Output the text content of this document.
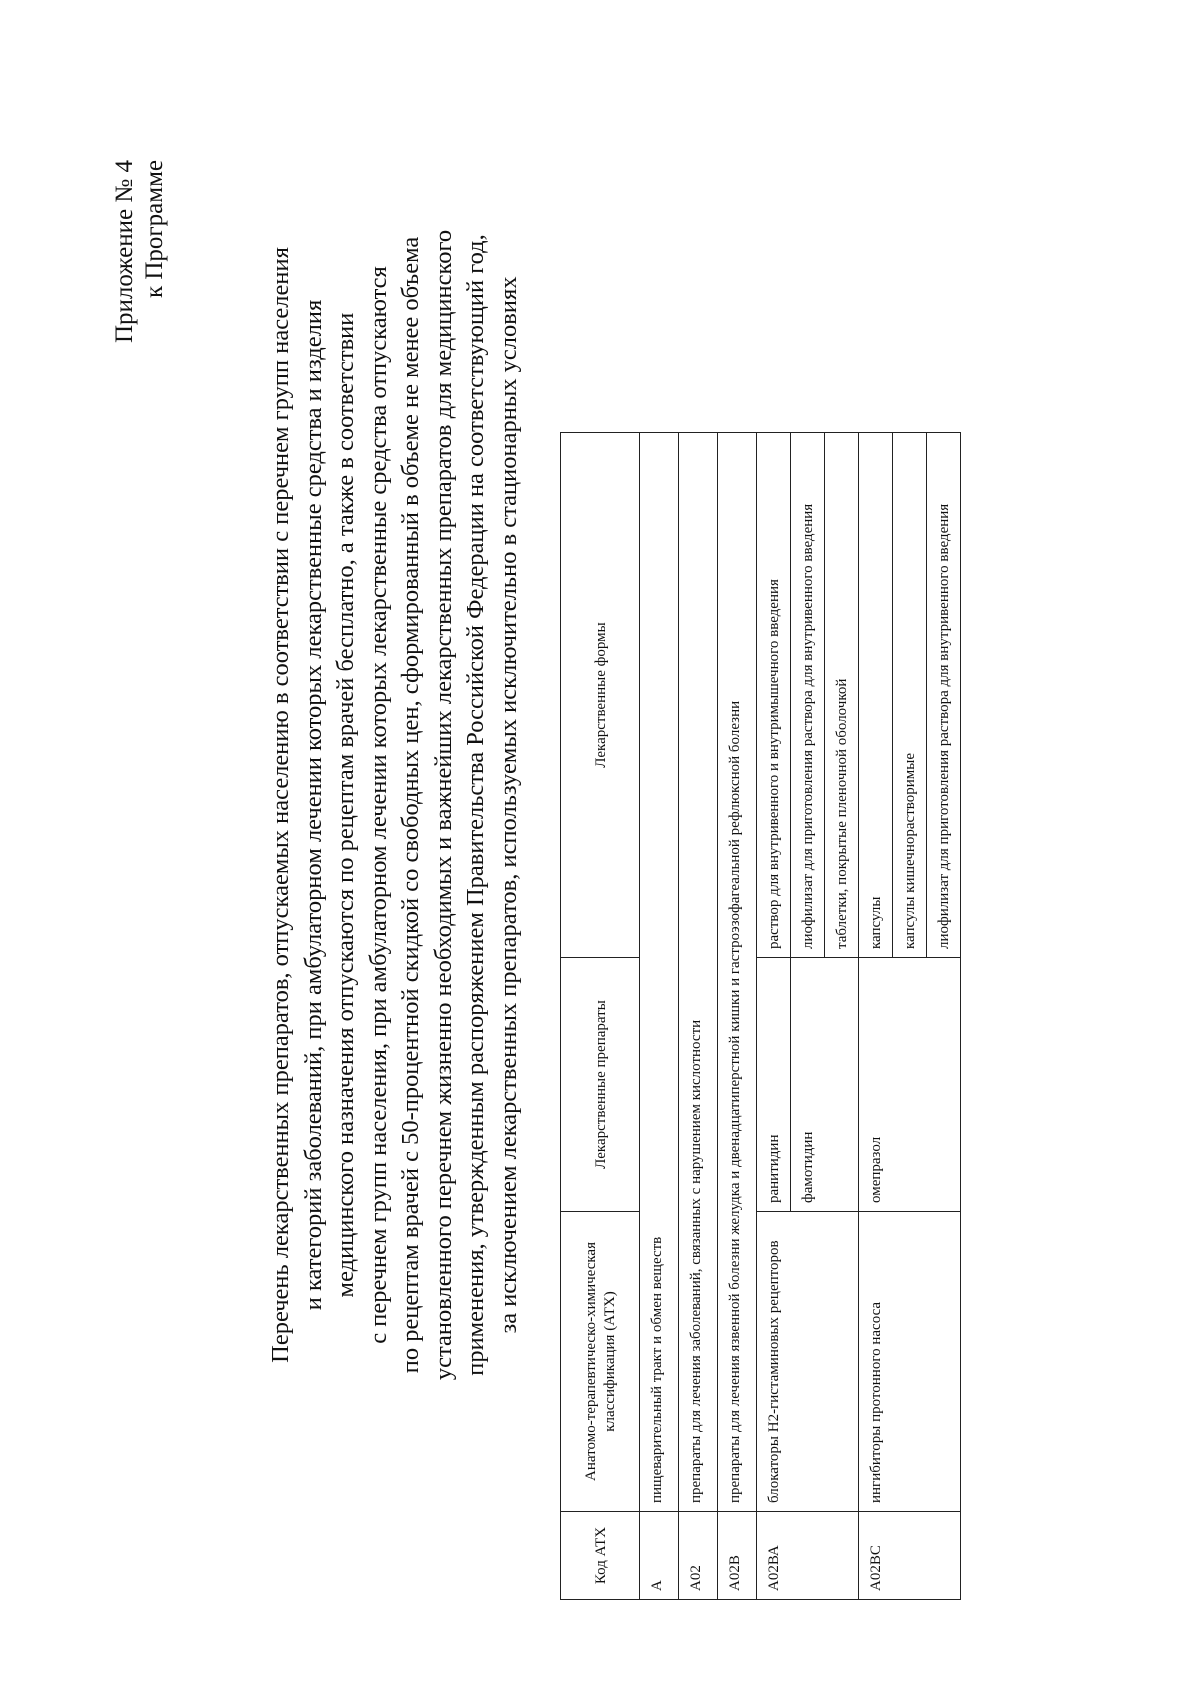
Приложение № 4 к Программе
Перечень лекарственных препаратов, отпускаемых населению в соответствии с перечнем групп населения и категорий заболеваний, при амбулаторном лечении которых лекарственные средства и изделия медицинского назначения отпускаются по рецептам врачей бесплатно, а также в соответствии с перечнем групп населения, при амбулаторном лечении которых лекарственные средства отпускаются по рецептам врачей с 50-процентной скидкой со свободных цен, сформированный в объеме не менее объема установленного перечнем жизненно необходимых и важнейших лекарственных препаратов для медицинского применения, утвержденным распоряжением Правительства Российской Федерации на соответствующий год, за исключением лекарственных препаратов, используемых исключительно в стационарных условиях
Код АТХ	Анатомо-терапевтическо-химическая классификация (АТХ)	Лекарственные препараты	Лекарственные формы
А	пищеварительный тракт и обмен веществ		
А02	препараты для лечения заболеваний, связанных с нарушением кислотности		
А02В	препараты для лечения язвенной болезни желудка и двенадцатиперстной кишки и гастроэзофагеальной рефлюксной болезни		
А02ВА	блокаторы Н2-гистаминовых рецепторов	ранитидин	раствор для внутривенного и внутримышечного введения
		фамотидин	лиофилизат для приготовления раствора для внутривенного введения
			таблетки, покрытые пленочной оболочкой
А02ВС	ингибиторы протонного насоса	омепразол	капсулы
			капсулы кишечнорастворимые
			лиофилизат для приготовления раствора для внутривенного введения
